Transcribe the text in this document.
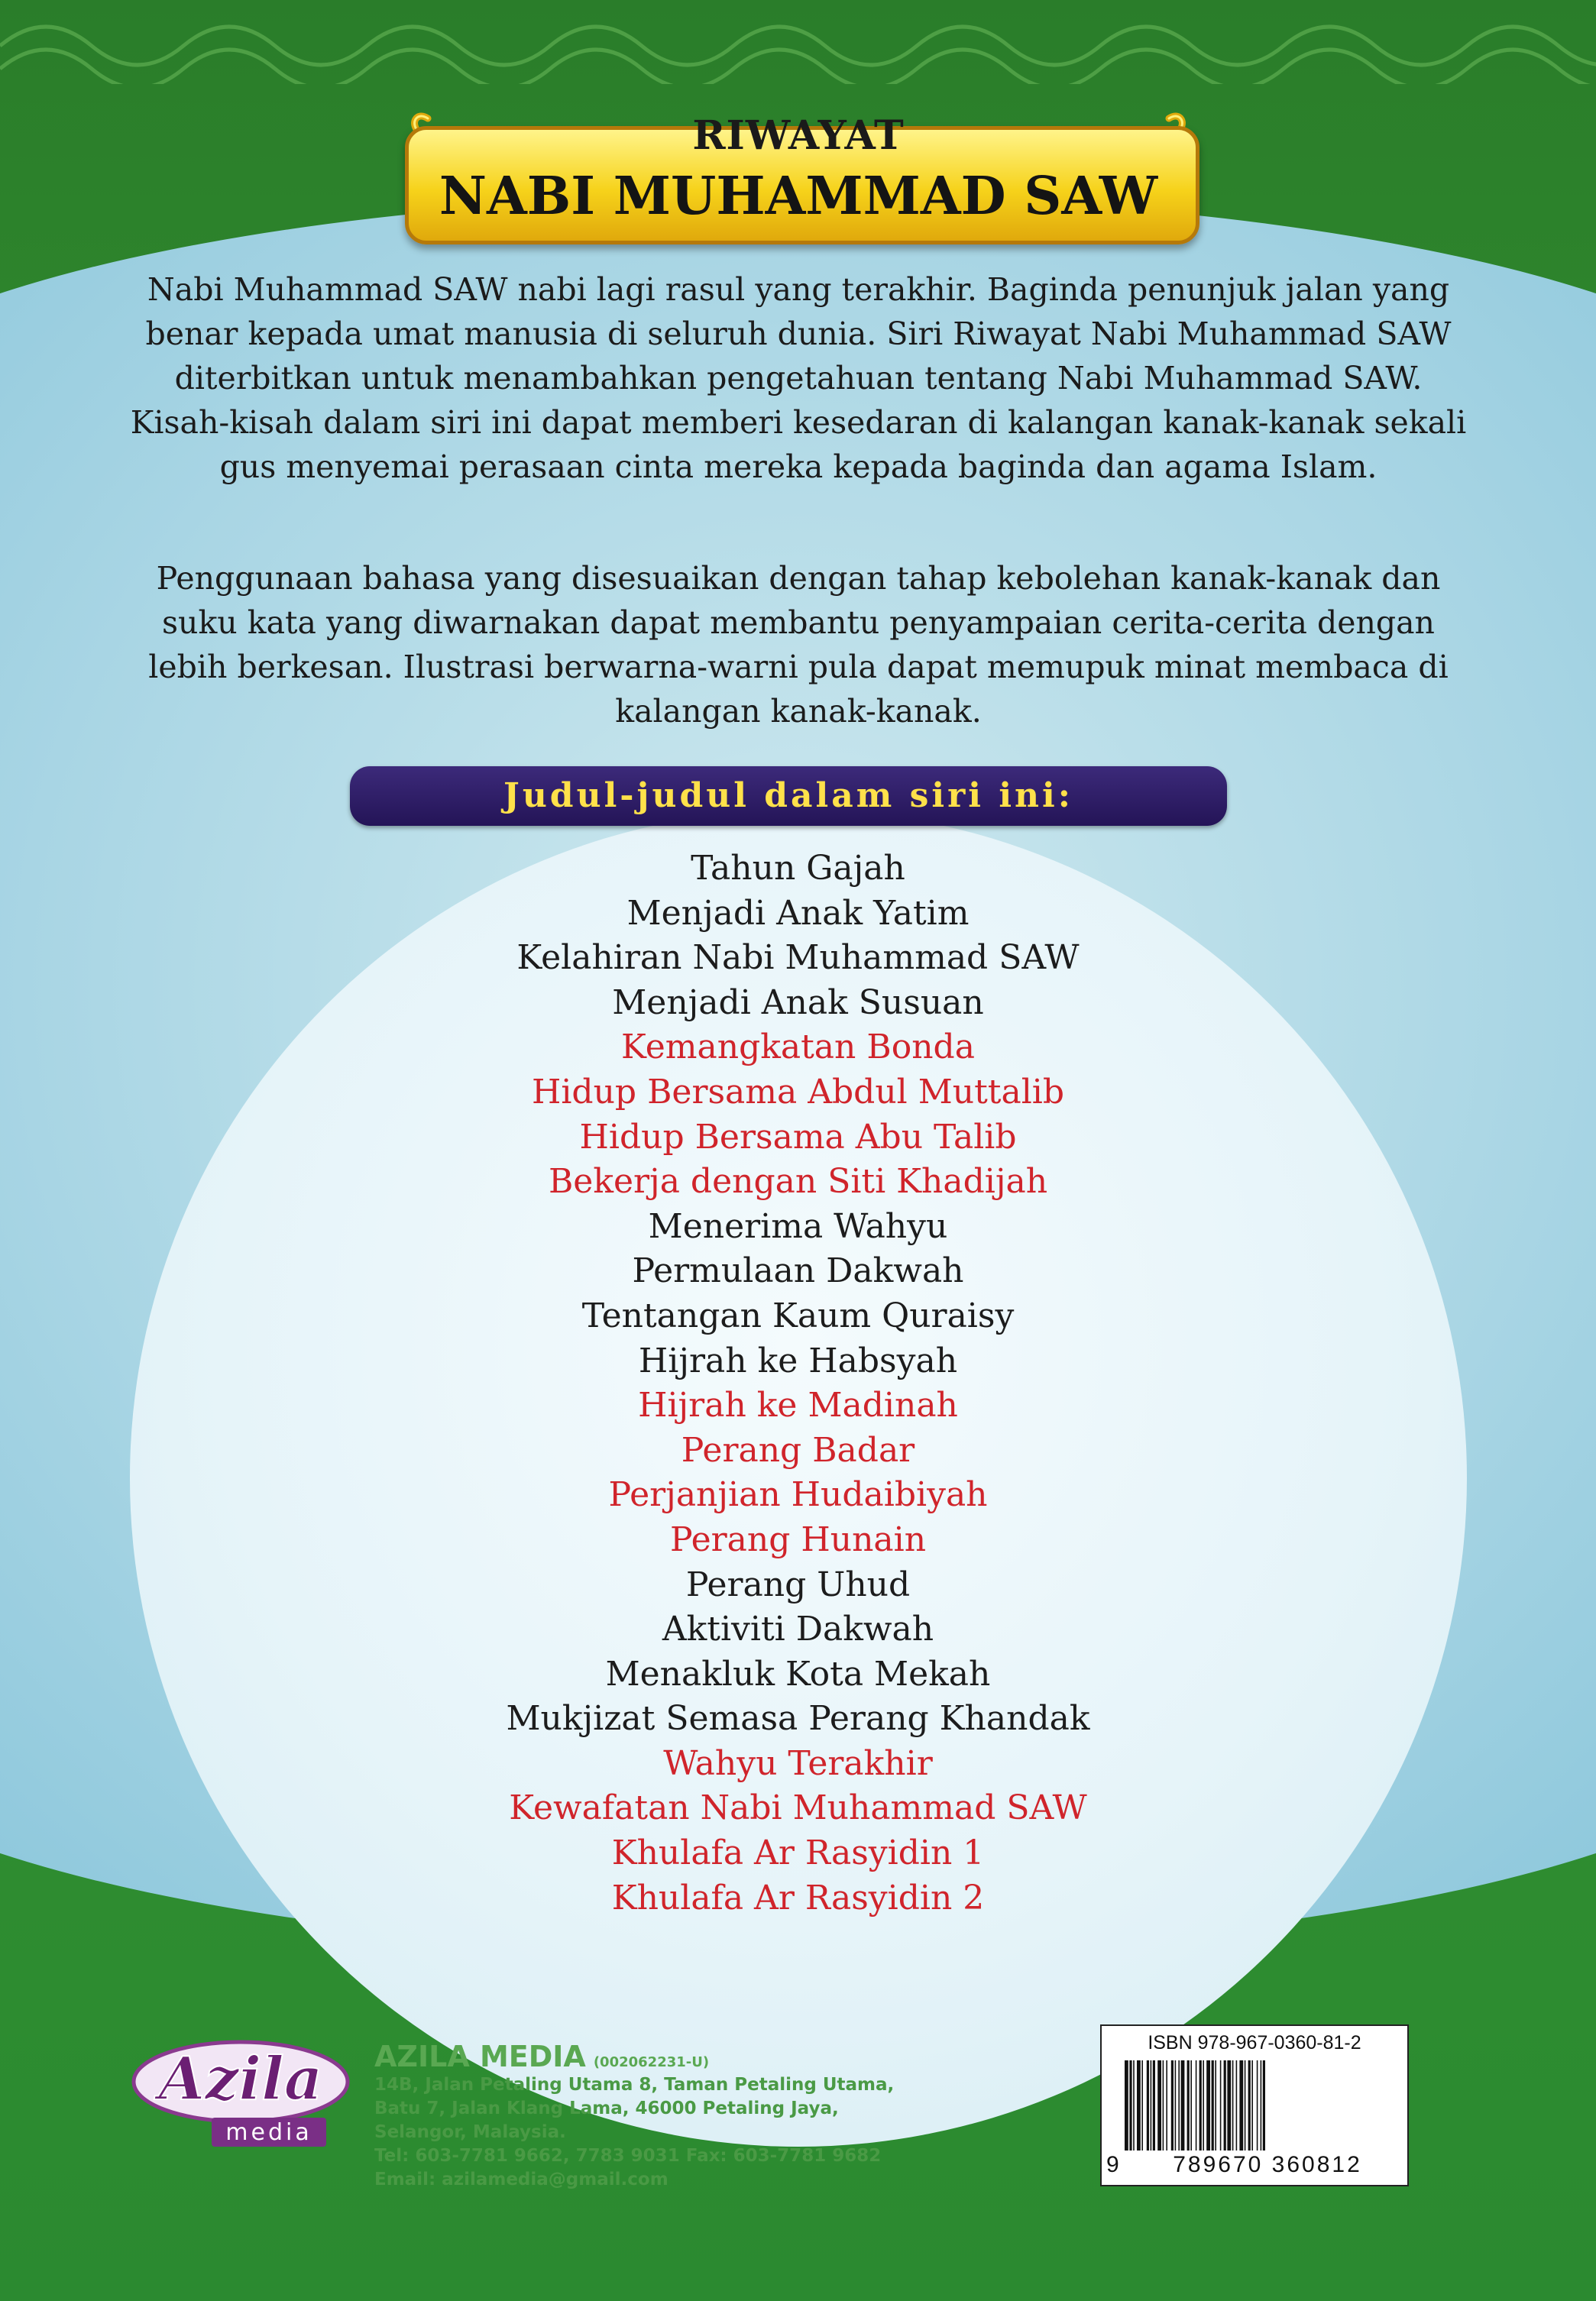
RIWAYAT
NABI MUHAMMAD SAW

Nabi Muhammad SAW nabi lagi rasul yang terakhir. Baginda penunjuk jalan yang benar kepada umat manusia di seluruh dunia. Siri Riwayat Nabi Muhammad SAW diterbitkan untuk menambahkan pengetahuan tentang Nabi Muhammad SAW. Kisah-kisah dalam siri ini dapat memberi kesedaran di kalangan kanak-kanak sekali gus menyemai perasaan cinta mereka kepada baginda dan agama Islam.

Penggunaan bahasa yang disesuaikan dengan tahap kebolehan kanak-kanak dan suku kata yang diwarnakan dapat membantu penyampaian cerita-cerita dengan lebih berkesan. Ilustrasi berwarna-warni pula dapat memupuk minat membaca di kalangan kanak-kanak.

Judul-judul dalam siri ini:
Tahun Gajah
Menjadi Anak Yatim
Kelahiran Nabi Muhammad SAW
Menjadi Anak Susuan
Kemangkatan Bonda
Hidup Bersama Abdul Muttalib
Hidup Bersama Abu Talib
Bekerja dengan Siti Khadijah
Menerima Wahyu
Permulaan Dakwah
Tentangan Kaum Quraisy
Hijrah ke Habsyah
Hijrah ke Madinah
Perang Badar
Perjanjian Hudaibiyah
Perang Hunain
Perang Uhud
Aktiviti Dakwah
Menakluk Kota Mekah
Mukjizat Semasa Perang Khandak
Wahyu Terakhir
Kewafatan Nabi Muhammad SAW
Khulafa Ar Rasyidin 1
Khulafa Ar Rasyidin 2
Azila
media
AZILA MEDIA (002062231-U)
14B, Jalan Petaling Utama 8, Taman Petaling Utama,
Batu 7, Jalan Klang Lama, 46000 Petaling Jaya,
Selangor, Malaysia.
Tel: 603-7781 9662, 7783 9031 Fax: 603-7781 9682
Email: azilamedia@gmail.com
ISBN 978-967-0360-81-2
9	789670 360812
